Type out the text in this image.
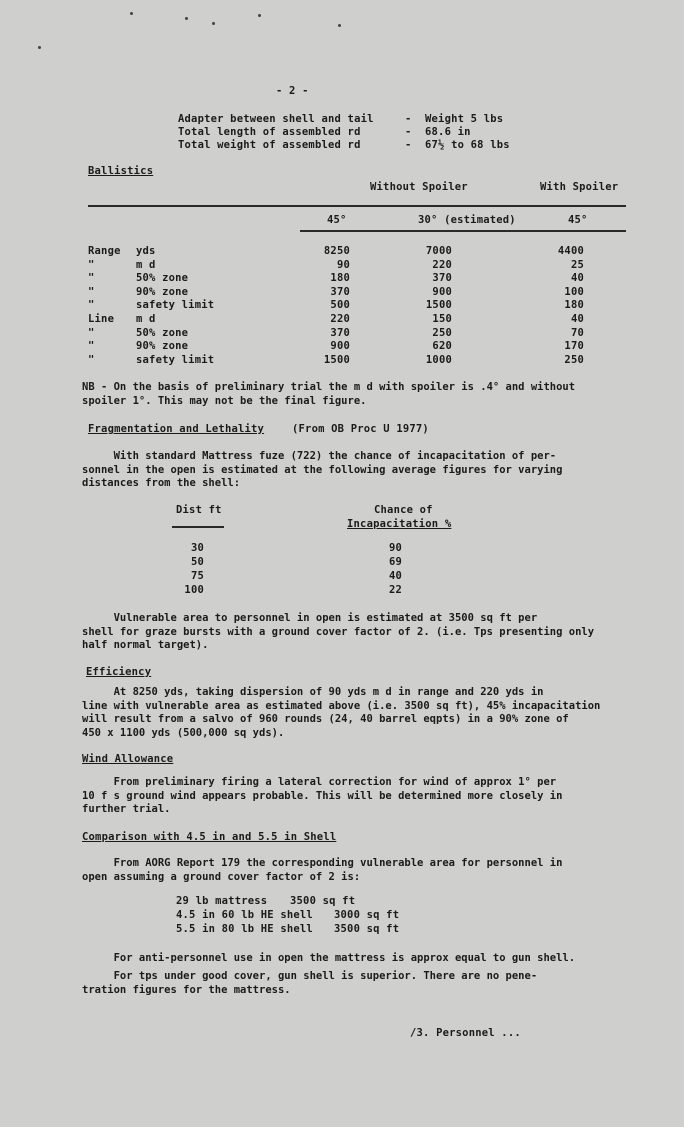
- 2 -
Adapter between shell and tail	- Weight 5 lbs
Total length of assembled rd	- 68.6 in
Total weight of assembled rd	- 67½ to 68 lbs
Ballistics
Without Spoiler	With Spoiler
45°	30° (estimated)	45°
Range yds	8250	7000	4400
"	m d	90	220	25
"	50% zone	180	370	40
"	90% zone	370	900	100
"	safety limit	500	1500	180
Line m d	220	150	40
"	50% zone	370	250	70
"	90% zone	900	620	170
"	safety limit	1500	1000	250
NB - On the basis of preliminary trial the m d with spoiler is .4° and without
spoiler 1°. This may not be the final figure.
Fragmentation and Lethality	(From OB Proc U 1977)
With standard Mattress fuze (722) the chance of incapacitation of per-
sonnel in the open is estimated at the following average figures for varying
distances from the shell:
Dist ft	Chance of
Incapacitation %
30	90
50	69
75	40
100	22
Vulnerable area to personnel in open is estimated at 3500 sq ft per
shell for graze bursts with a ground cover factor of 2. (i.e. Tps presenting only
half normal target).
Efficiency
At 8250 yds, taking dispersion of 90 yds m d in range and 220 yds in
line with vulnerable area as estimated above (i.e. 3500 sq ft), 45% incapacitation
will result from a salvo of 960 rounds (24, 40 barrel eqpts) in a 90% zone of
450 x 1100 yds (500,000 sq yds).
Wind Allowance
From preliminary firing a lateral correction for wind of approx 1° per
10 f s ground wind appears probable. This will be determined more closely in
further trial.
Comparison with 4.5 in and 5.5 in Shell
From AORG Report 179 the corresponding vulnerable area for personnel in
open assuming a ground cover factor of 2 is:
29 lb mattress 3500 sq ft
4.5 in 60 lb HE shell 3000 sq ft
5.5 in 80 lb HE shell 3500 sq ft
For anti-personnel use in open the mattress is approx equal to gun shell.
For tps under good cover, gun shell is superior. There are no pene-
tration figures for the mattress.
/3. Personnel ...
